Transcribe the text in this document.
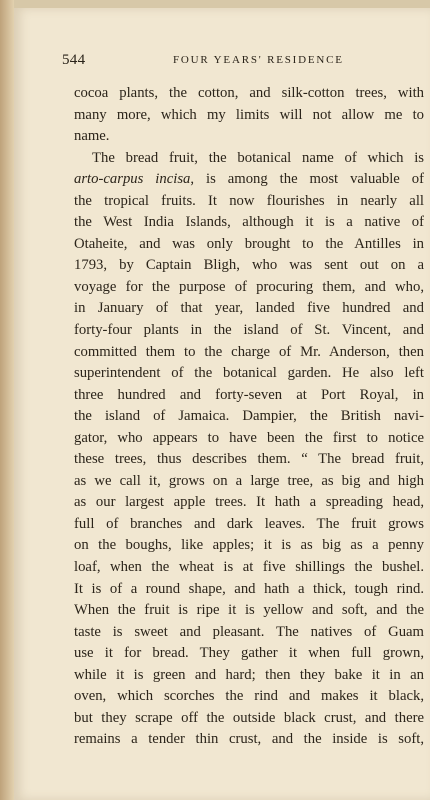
544	FOUR YEARS' RESIDENCE
cocoa plants, the cotton, and silk-cotton trees, with
many more, which my limits will not allow me to
name.
The bread fruit, the botanical name of which is
arto-carpus incisa, is among the most valuable of
the tropical fruits. It now flourishes in nearly all
the West India Islands, although it is a native of
Otaheite, and was only brought to the Antilles in
1793, by Captain Bligh, who was sent out on a
voyage for the purpose of procuring them, and who,
in January of that year, landed five hundred and
forty-four plants in the island of St. Vincent, and
committed them to the charge of Mr. Anderson, then
superintendent of the botanical garden. He also left
three hundred and forty-seven at Port Royal, in
the island of Jamaica. Dampier, the British navi-
gator, who appears to have been the first to notice
these trees, thus describes them. “ The bread fruit,
as we call it, grows on a large tree, as big and high
as our largest apple trees. It hath a spreading head,
full of branches and dark leaves. The fruit grows
on the boughs, like apples; it is as big as a penny
loaf, when the wheat is at five shillings the bushel.
It is of a round shape, and hath a thick, tough rind.
When the fruit is ripe it is yellow and soft, and the
taste is sweet and pleasant. The natives of Guam
use it for bread. They gather it when full grown,
while it is green and hard; then they bake it in an
oven, which scorches the rind and makes it black,
but they scrape off the outside black crust, and there
remains a tender thin crust, and the inside is soft,
